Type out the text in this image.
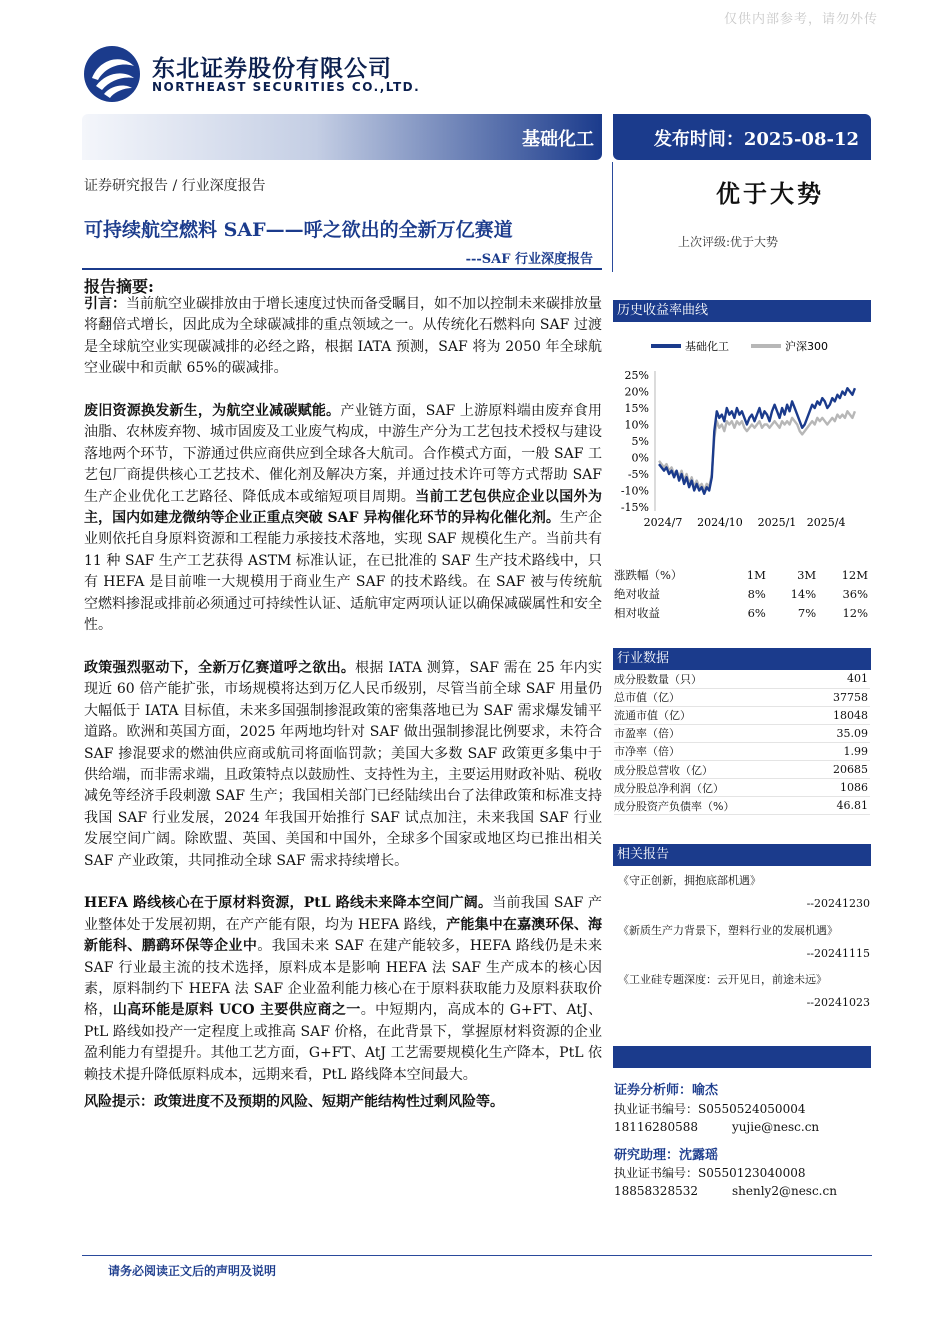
仅供内部参考，请勿外传
东北证券股份有限公司
NORTHEAST SECURITIES CO.,LTD.
基础化工	发布时间：2025-08-12
证券研究报告 / 行业深度报告	优于大势
可持续航空燃料 SAF——呼之欲出的全新万亿赛道
上次评级:优于大势
---SAF 行业深度报告
报告摘要:

引言：当前航空业碳排放由于增长速度过快而备受瞩目，如不加以控制未来碳排放量将翻倍式增长，因此成为全球碳减排的重点领域之一。从传统化石燃料向 SAF 过渡是全球航空业实现碳减排的必经之路，根据 IATA 预测，SAF 将为 2050 年全球航空业碳中和贡献 65%的碳减排。

废旧资源换发新生，为航空业减碳赋能。产业链方面，SAF 上游原料端由废弃食用油脂、农林废弃物、城市固废及工业废气构成，中游生产分为工艺包技术授权与建设落地两个环节，下游通过供应商供应到全球各大航司。合作模式方面，一般 SAF 工艺包厂商提供核心工艺技术、催化剂及解决方案，并通过技术许可等方式帮助 SAF 生产企业优化工艺路径、降低成本或缩短项目周期。当前工艺包供应企业以国外为主，国内如建龙微纳等企业正重点突破 SAF 异构催化环节的异构化催化剂。生产企业则依托自身原料资源和工程能力承接技术落地，实现 SAF 规模化生产。当前共有 11 种 SAF 生产工艺获得 ASTM 标准认证，在已批准的 SAF 生产技术路线中，只有 HEFA 是目前唯一大规模用于商业生产 SAF 的技术路线。在 SAF 被与传统航空燃料掺混或排前必须通过可持续性认证、适航审定两项认证以确保减碳属性和安全性。

政策强烈驱动下，全新万亿赛道呼之欲出。根据 IATA 测算，SAF 需在 25 年内实现近 60 倍产能扩张，市场规模将达到万亿人民币级别，尽管当前全球 SAF 用量仍大幅低于 IATA 目标值，未来多国强制掺混政策的密集落地已为 SAF 需求爆发铺平道路。欧洲和英国方面，2025 年两地均针对 SAF 做出强制掺混比例要求，未符合 SAF 掺混要求的燃油供应商或航司将面临罚款；美国大多数 SAF 政策更多集中于供给端，而非需求端，且政策特点以鼓励性、支持性为主，主要运用财政补贴、税收减免等经济手段刺激 SAF 生产；我国相关部门已经陆续出台了法律政策和标准支持我国 SAF 行业发展，2024 年我国开始推行 SAF 试点加注，未来我国 SAF 行业发展空间广阔。除欧盟、英国、美国和中国外，全球多个国家或地区均已推出相关 SAF 产业政策，共同推动全球 SAF 需求持续增长。

HEFA 路线核心在于原材料资源，PtL 路线未来降本空间广阔。当前我国 SAF 产业整体处于发展初期，在产产能有限，均为 HEFA 路线，产能集中在嘉澳环保、海新能科、鹏鹞环保等企业中。我国未来 SAF 在建产能较多，HEFA 路线仍是未来 SAF 行业最主流的技术选择，原料成本是影响 HEFA 法 SAF 生产成本的核心因素，原料制约下 HEFA 法 SAF 企业盈利能力核心在于原料获取能力及原料获取价格，山高环能是原料 UCO 主要供应商之一。中短期内，高成本的 G+FT、AtJ、PtL 路线如投产一定程度上或推高 SAF 价格，在此背景下，掌握原材料资源的企业盈利能力有望提升。其他工艺方面，G+FT、AtJ 工艺需要规模化生产降本，PtL 依赖技术提升降低原料成本，远期来看，PtL 路线降本空间最大。

风险提示：政策进度不及预期的风险、短期产能结构性过剩风险等。

历史收益率曲线
基础化工	沪深300
25%
20%
15%
10%
5%
0%
-5%
-10%
-15%
2024/7 2024/10 2025/1 2025/4
涨跌幅（%）	1M	3M	12M
绝对收益	8%	14%	36%
相对收益	6%	7%	12%
行业数据
成分股数量（只）	401
总市值（亿）	37758
流通市值（亿）	18048
市盈率（倍）	35.09
市净率（倍）	1.99
成分股总营收（亿）	20685
成分股总净利润（亿）	1086
成分股资产负债率（%）	46.81
相关报告
《守正创新，拥抱底部机遇》
--20241230
《新质生产力背景下，塑料行业的发展机遇》
--20241115
《工业硅专题深度：云开见日，前途未远》
--20241023
证券分析师：喻杰
执业证书编号：S0550524050004
18116280588	yujie@nesc.cn
研究助理：沈露瑶
执业证书编号：S0550123040008
18858328532	shenly2@nesc.cn
请务必阅读正文后的声明及说明
